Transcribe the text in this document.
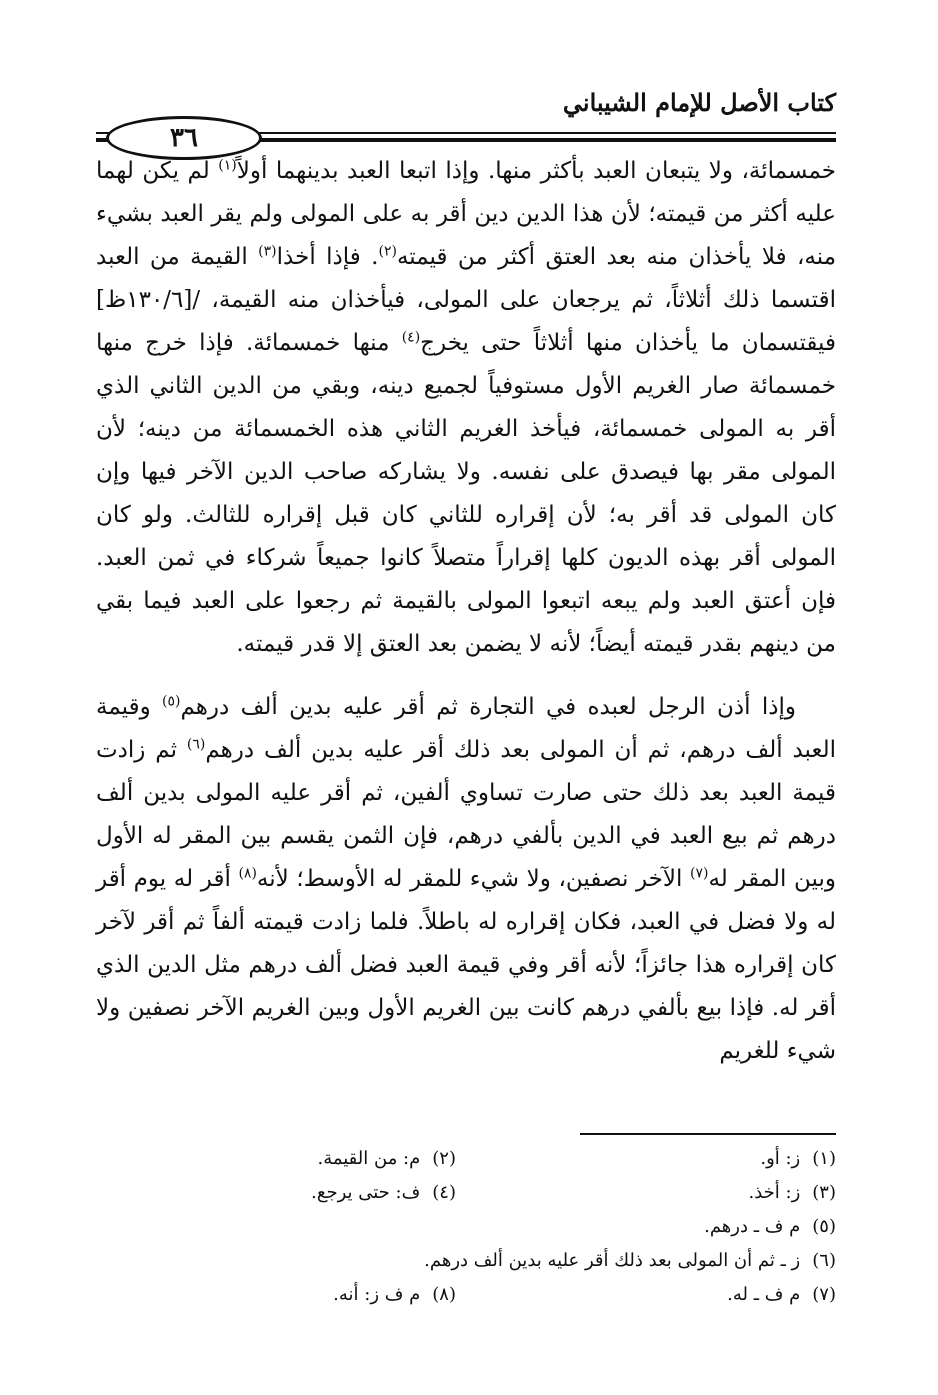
كتاب الأصل للإمام الشيباني
٣٦

خمسمائة، ولا يتبعان العبد بأكثر منها. وإذا اتبعا العبد بدينهما أولاً$^{(١)}$ لم يكن لهما عليه أكثر من قيمته؛ لأن هذا الدين دين أقر به على المولى ولم يقر العبد بشيء منه، فلا يأخذان منه بعد العتق أكثر من قيمته$^{(٢)}$. فإذا أخذا$^{(٣)}$ القيمة من العبد اقتسما ذلك أثلاثاً، ثم يرجعان على المولى، فيأخذان منه القيمة، /[١٣٠/٦ظ] فيقتسمان ما يأخذان منها أثلاثاً حتى يخرج$^{(٤)}$ منها خمسمائة. فإذا خرج منها خمسمائة صار الغريم الأول مستوفياً لجميع دينه، وبقي من الدين الثاني الذي أقر به المولى خمسمائة، فيأخذ الغريم الثاني هذه الخمسمائة من دينه؛ لأن المولى مقر بها فيصدق على نفسه. ولا يشاركه صاحب الدين الآخر فيها وإن كان المولى قد أقر به؛ لأن إقراره للثاني كان قبل إقراره للثالث. ولو كان المولى أقر بهذه الديون كلها إقراراً متصلاً كانوا جميعاً شركاء في ثمن العبد. فإن أعتق العبد ولم يبعه اتبعوا المولى بالقيمة ثم رجعوا على العبد فيما بقي من دينهم بقدر قيمته أيضاً؛ لأنه لا يضمن بعد العتق إلا قدر قيمته.

وإذا أذن الرجل لعبده في التجارة ثم أقر عليه بدين ألف درهم$^{(٥)}$ وقيمة العبد ألف درهم، ثم أن المولى بعد ذلك أقر عليه بدين ألف درهم$^{(٦)}$ ثم زادت قيمة العبد بعد ذلك حتى صارت تساوي ألفين، ثم أقر عليه المولى بدين ألف درهم ثم بيع العبد في الدين بألفي درهم، فإن الثمن يقسم بين المقر له الأول وبين المقر له$^{(٧)}$ الآخر نصفين، ولا شيء للمقر له الأوسط؛ لأنه$^{(٨)}$ أقر له يوم أقر له ولا فضل في العبد، فكان إقراره له باطلاً. فلما زادت قيمته ألفاً ثم أقر لآخر كان إقراره هذا جائزاً؛ لأنه أقر وفي قيمة العبد فضل ألف درهم مثل الدين الذي أقر له. فإذا بيع بألفي درهم كانت بين الغريم الأول وبين الغريم الآخر نصفين ولا شيء للغريم

(١)ز: أو.
(٢)م: من القيمة.
(٣)ز: أخذ.
(٤)ف: حتى يرجع.
(٥)م ف ـ درهم.
(٦)ز ـ ثم أن المولى بعد ذلك أقر عليه بدين ألف درهم.
(٧)م ف ـ له.
(٨)م ف ز: أنه.
